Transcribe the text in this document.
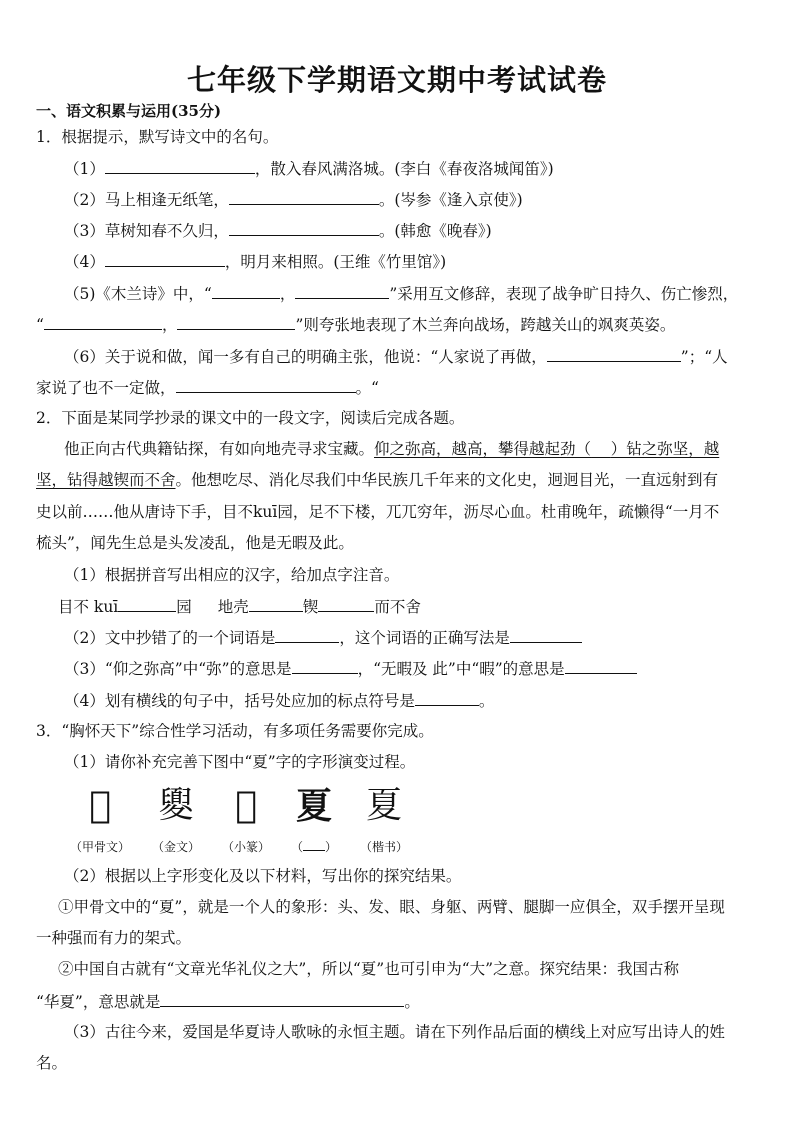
七年级下学期语文期中考试试卷
一、语文积累与运用(35分)
1．根据提示，默写诗文中的名句。
（1）	，散入春风满洛城。(李白《春夜洛城闻笛》)
（2）马上相逢无纸笔，	。(岑参《逢入京使》)
（3）草树知春不久归，	。(韩愈《晚春》)
（4）	，明月来相照。(王维《竹里馆》)
（5)《木兰诗》中，“	，	”采用互文修辞，表现了战争旷日持久、伤亡惨烈，
“	，	”则夸张地表现了木兰奔向战场，跨越关山的飒爽英姿。
（6）关于说和做，闻一多有自己的明确主张，他说：“人家说了再做，	”；“人
家说了也不一定做，	。“
2．下面是某同学抄录的课文中的一段文字，阅读后完成各题。
他正向古代典籍钻探，有如向地壳寻求宝藏。仰之弥高，越高，攀得越起劲（ ）钻之弥坚，越
坚，钻得越锲而不舍。他想吃尽、消化尽我们中华民族几千年来的文化史，迥迥目光，一直远射到有
史以前……他从唐诗下手，目不kuī园，足不下楼，兀兀穷年，沥尽心血。杜甫晚年，疏懒得“一月不
梳头”，闻先生总是头发凌乱，他是无暇及此。
（1）根据拼音写出相应的汉字，给加点字注音。
目不 kuī	园 地壳	锲	而不舍
（2）文中抄错了的一个词语是	，这个词语的正确写法是
（3）“仰之弥高”中“弥”的意思是	，“无暇及 此”中“暇”的意思是
（4）划有横线的句子中，括号处应加的标点符号是	。
3．“胸怀天下”综合性学习活动，有多项任务需要你完成。
（1）请你补充完善下图中“夏”字的字形演变过程。
𦥺
（甲骨文）
夓
（金文）
𡕰
（小篆）
夏
（ ）
夏
（楷书）
（2）根据以上字形变化及以下材料，写出你的探究结果。
①甲骨文中的“夏”，就是一个人的象形：头、发、眼、身躯、两臂、腿脚一应俱全，双手摆开呈现
一种强而有力的架式。
②中国自古就有“文章光华礼仪之大”，所以“夏”也可引申为“大”之意。探究结果：我国古称
“华夏”，意思就是	。
（3）古往今来，爱国是华夏诗人歌咏的永恒主题。请在下列作品后面的横线上对应写出诗人的姓
名。
